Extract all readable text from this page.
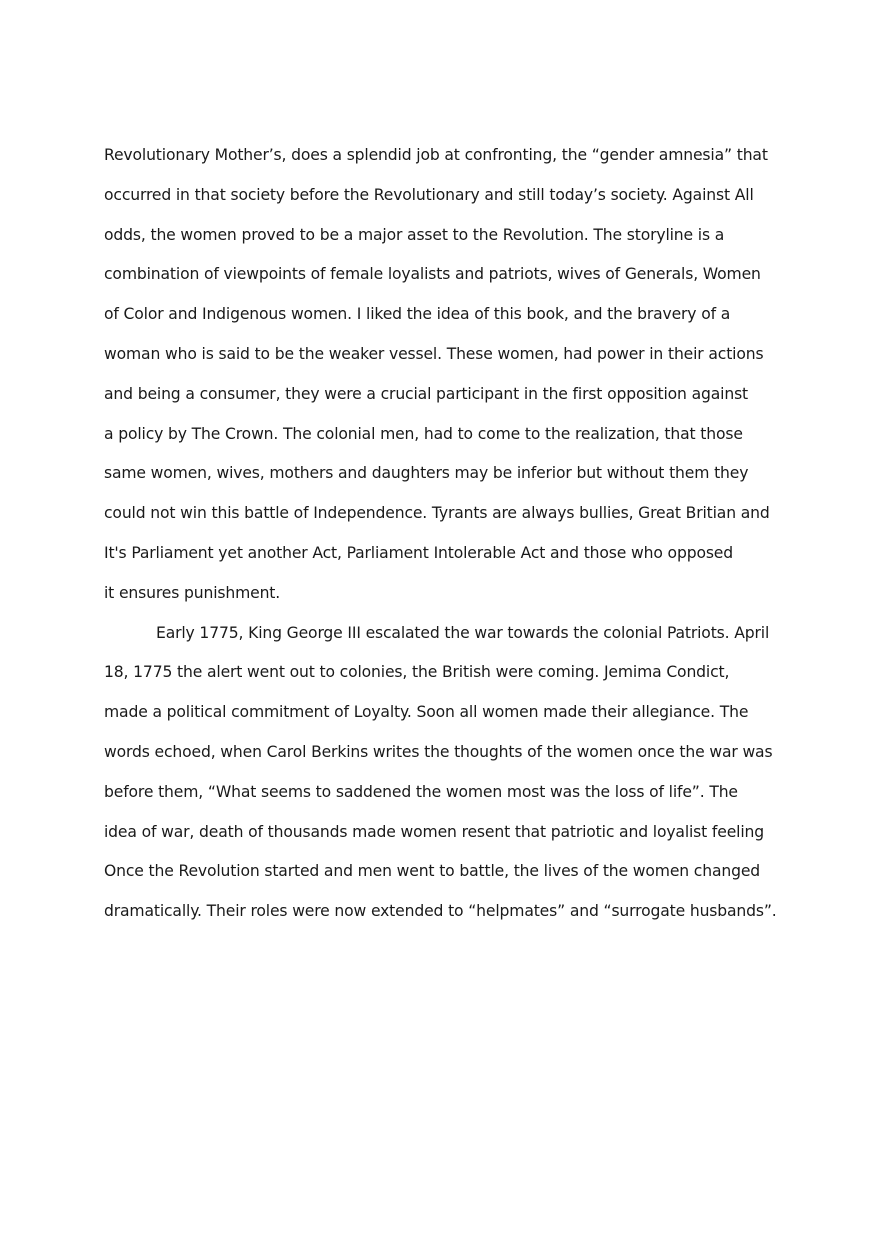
Revolutionary Mother’s, does a splendid job at confronting, the “gender amnesia” that
occurred in that society before the Revolutionary and still today’s society. Against All
odds, the women proved to be a major asset to the Revolution. The storyline is a
combination of viewpoints of female loyalists and patriots, wives of Generals, Women
of Color and Indigenous women. I liked the idea of this book, and the bravery of a
woman who is said to be the weaker vessel. These women, had power in their actions
and being a consumer, they were a crucial participant in the first opposition against
a policy by The Crown. The colonial men, had to come to the realization, that those
same women, wives, mothers and daughters may be inferior but without them they
could not win this battle of Independence. Tyrants are always bullies, Great Britian and
It's Parliament yet another Act, Parliament Intolerable Act and those who opposed
it ensures punishment.
Early 1775, King George III escalated the war towards the colonial Patriots. April
18, 1775 the alert went out to colonies, the British were coming. Jemima Condict,
made a political commitment of Loyalty. Soon all women made their allegiance. The
words echoed, when Carol Berkins writes the thoughts of the women once the war was
before them, “What seems to saddened the women most was the loss of life”. The
idea of war, death of thousands made women resent that patriotic and loyalist feeling
Once the Revolution started and men went to battle, the lives of the women changed
dramatically. Their roles were now extended to “helpmates” and “surrogate husbands”.
